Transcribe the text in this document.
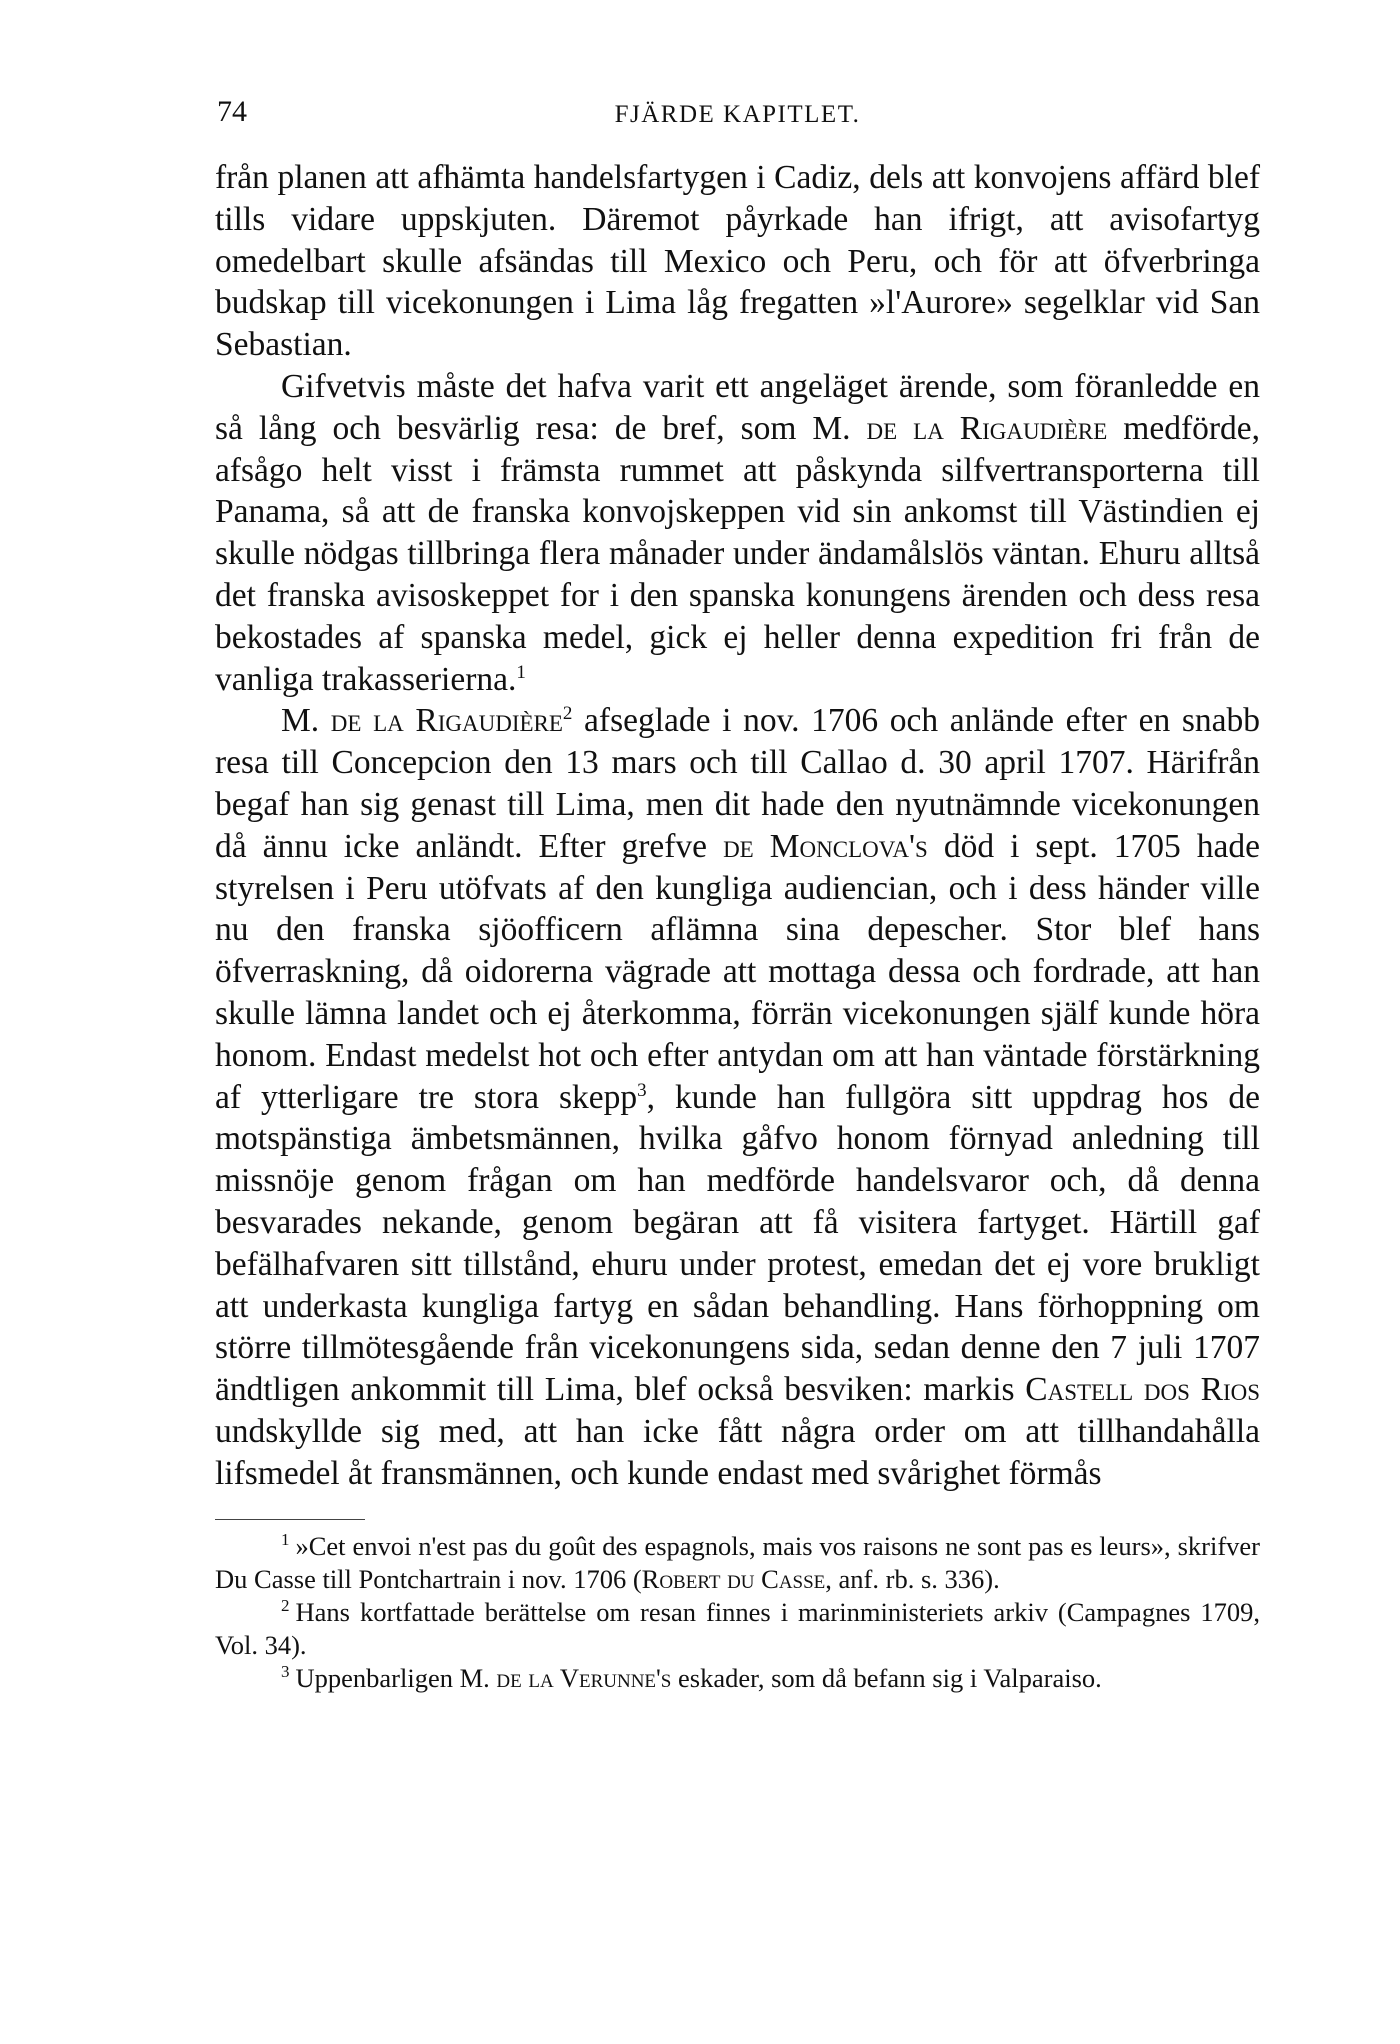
74	FJÄRDE KAPITLET.

från planen att afhämta handelsfartygen i Cadiz, dels att konvojens affärd blef tills vidare uppskjuten. Däremot påyrkade han ifrigt, att avisofartyg omedelbart skulle afsändas till Mexico och Peru, och för att öfverbringa budskap till vicekonungen i Lima låg fregatten »l'Aurore» segelklar vid San Sebastian.

Gifvetvis måste det hafva varit ett angeläget ärende, som föranledde en så lång och besvärlig resa: de bref, som M. de la Rigaudière medförde, afsågo helt visst i främsta rummet att påskynda silfvertransporterna till Panama, så att de franska konvojskeppen vid sin ankomst till Västindien ej skulle nödgas tillbringa flera månader under ändamålslös väntan. Ehuru alltså det franska avisoskeppet for i den spanska konungens ärenden och dess resa bekostades af spanska medel, gick ej heller denna expedition fri från de vanliga trakasserierna.$^1$

M. de la Rigaudière$^2$ afseglade i nov. 1706 och anlände efter en snabb resa till Concepcion den 13 mars och till Callao d. 30 april 1707. Härifrån begaf han sig genast till Lima, men dit hade den nyutnämnde vicekonungen då ännu icke anländt. Efter grefve de Monclova's död i sept. 1705 hade styrelsen i Peru utöfvats af den kungliga audiencian, och i dess händer ville nu den franska sjöofficern aflämna sina depescher. Stor blef hans öfverraskning, då oidorerna vägrade att mottaga dessa och fordrade, att han skulle lämna landet och ej återkomma, förrän vicekonungen själf kunde höra honom. Endast medelst hot och efter antydan om att han väntade förstärkning af ytterligare tre stora skepp$^3$, kunde han fullgöra sitt uppdrag hos de motspänstiga ämbetsmännen, hvilka gåfvo honom förnyad anledning till missnöje genom frågan om han medförde handelsvaror och, då denna besvarades nekande, genom begäran att få visitera fartyget. Härtill gaf befälhafvaren sitt tillstånd, ehuru under protest, emedan det ej vore brukligt att underkasta kungliga fartyg en sådan behandling. Hans förhoppning om större tillmötesgående från vicekonungens sida, sedan denne den 7 juli 1707 ändtligen ankommit till Lima, blef också besviken: markis Castell dos Rios undskyllde sig med, att han icke fått några order om att tillhandahålla lifsmedel åt fransmännen, och kunde endast med svårighet förmås

$^1$ »Cet envoi n'est pas du goût des espagnols, mais vos raisons ne sont pas es leurs», skrifver Du Casse till Pontchartrain i nov. 1706 (Robert du Casse, anf. rb. s. 336).

$^2$ Hans kortfattade berättelse om resan finnes i marinministeriets arkiv (Campagnes 1709, Vol. 34).

$^3$ Uppenbarligen M. de la Verunne's eskader, som då befann sig i Valparaiso.
